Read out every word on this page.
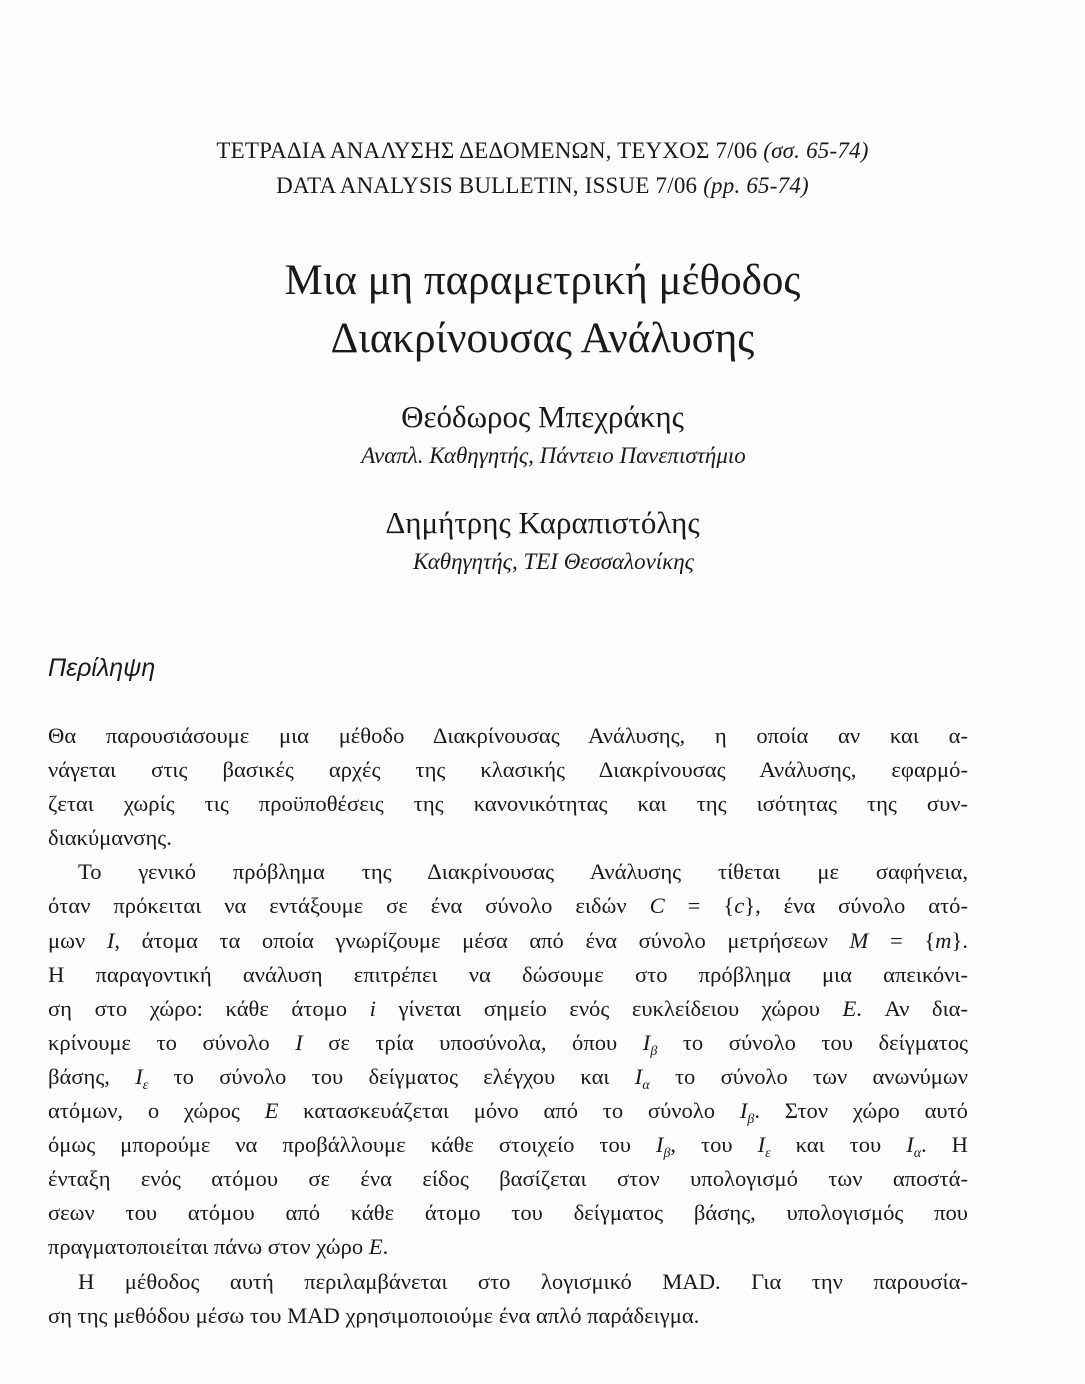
ΤΕΤΡΑΔΙΑ ΑΝΑΛΥΣΗΣ ΔΕΔΟΜΕΝΩΝ, ΤΕΥΧΟΣ 7/06 (σσ. 65-74)
DATA ANALYSIS BULLETIN, ISSUE 7/06 (pp. 65-74)
Μια μη παραμετρική μέθοδος
Διακρίνουσας Ανάλυσης
Θεόδωρος Μπεχράκης
Αναπλ. Καθηγητής, Πάντειο Πανεπιστήμιο
Δημήτρης Καραπιστόλης
Καθηγητής, ΤΕΙ Θεσσαλονίκης
Περίληψη
Θα παρουσιάσουμε μια μέθοδο Διακρίνουσας Ανάλυσης, η οποία αν και α-
νάγεται στις βασικές αρχές της κλασικής Διακρίνουσας Ανάλυσης, εφαρμό-
ζεται χωρίς τις προϋποθέσεις της κανονικότητας και της ισότητας της συν-
διακύμανσης.
Το γενικό πρόβλημα της Διακρίνουσας Ανάλυσης τίθεται με σαφήνεια,
όταν πρόκειται να εντάξουμε σε ένα σύνολο ειδών C = {c}, ένα σύνολο ατό-
μων I, άτομα τα οποία γνωρίζουμε μέσα από ένα σύνολο μετρήσεων M = {m}.
Η παραγοντική ανάλυση επιτρέπει να δώσουμε στο πρόβλημα μια απεικόνι-
ση στο χώρο: κάθε άτομο i γίνεται σημείο ενός ευκλείδειου χώρου E. Αν δια-
κρίνουμε το σύνολο I σε τρία υποσύνολα, όπου $I_\beta$ το σύνολο του δείγματος
βάσης, $I_\varepsilon$ το σύνολο του δείγματος ελέγχου και $I_\alpha$ το σύνολο των ανωνύμων
ατόμων, ο χώρος E κατασκευάζεται μόνο από το σύνολο $I_\beta$. Στον χώρο αυτό
όμως μπορούμε να προβάλλουμε κάθε στοιχείο του $I_\beta$, του $I_\varepsilon$ και του $I_\alpha$. Η
ένταξη ενός ατόμου σε ένα είδος βασίζεται στον υπολογισμό των αποστά-
σεων του ατόμου από κάθε άτομο του δείγματος βάσης, υπολογισμός που
πραγματοποιείται πάνω στον χώρο E.
Η μέθοδος αυτή περιλαμβάνεται στο λογισμικό MAD. Για την παρουσία-
ση της μεθόδου μέσω του MAD χρησιμοποιούμε ένα απλό παράδειγμα.
